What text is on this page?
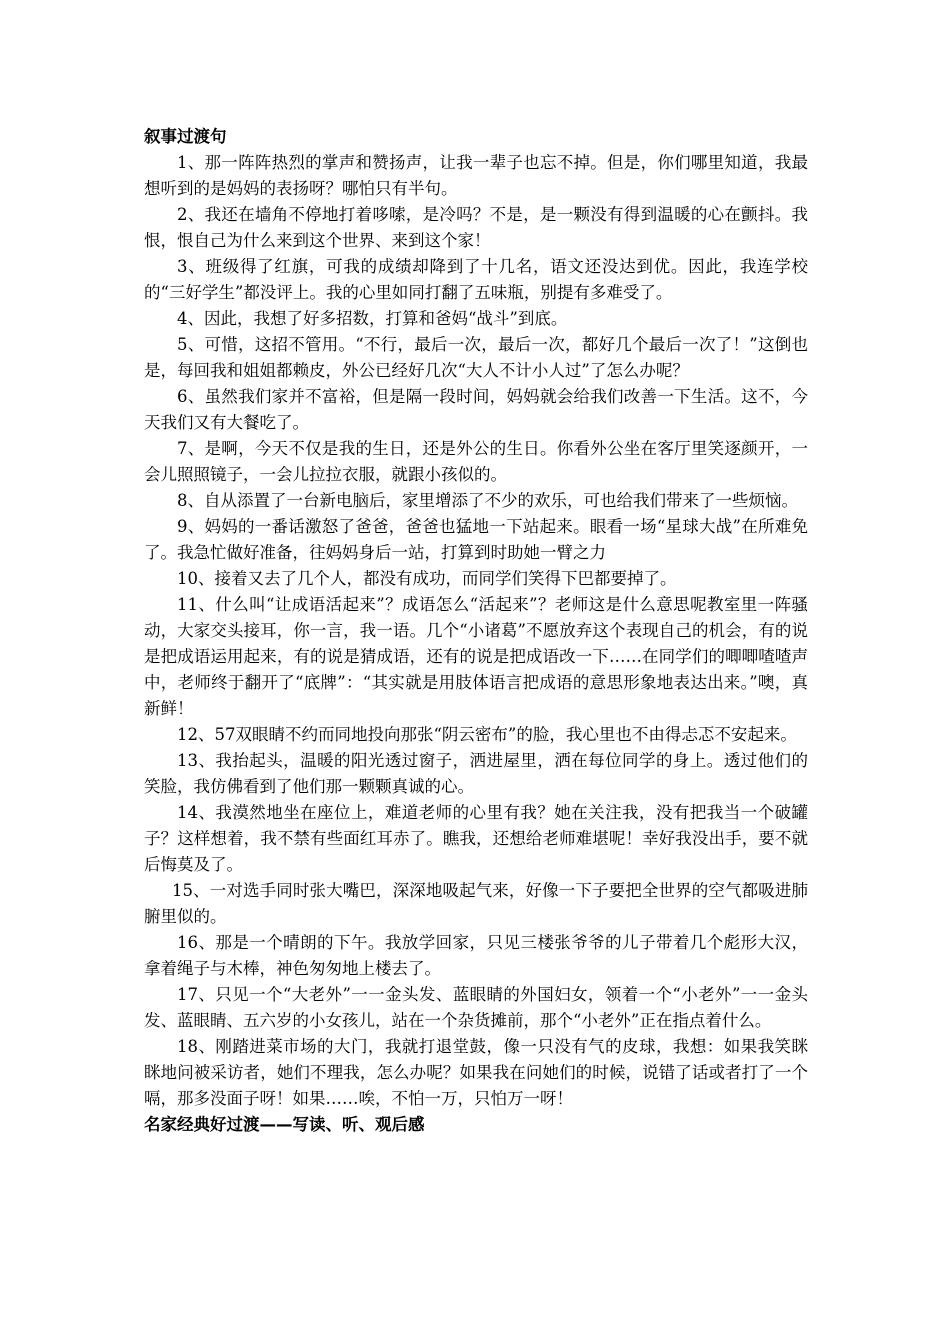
叙事过渡句

1、那一阵阵热烈的掌声和赞扬声，让我一辈子也忘不掉。但是，你们哪里知道，我最想听到的是妈妈的表扬呀？哪怕只有半句。

2、我还在墙角不停地打着哆嗦，是冷吗？不是，是一颗没有得到温暖的心在颤抖。我恨，恨自己为什么来到这个世界、来到这个家！

3、班级得了红旗，可我的成绩却降到了十几名，语文还没达到优。因此，我连学校的“三好学生”都没评上。我的心里如同打翻了五味瓶，别提有多难受了。

4、因此，我想了好多招数，打算和爸妈“战斗”到底。

5、可惜，这招不管用。“不行，最后一次，最后一次，都好几个最后一次了！”这倒也是，每回我和姐姐都赖皮，外公已经好几次“大人不计小人过”了怎么办呢？

6、虽然我们家并不富裕，但是隔一段时间，妈妈就会给我们改善一下生活。这不，今天我们又有大餐吃了。

7、是啊，今天不仅是我的生日，还是外公的生日。你看外公坐在客厅里笑逐颜开，一会儿照照镜子，一会儿拉拉衣服，就跟小孩似的。

8、自从添置了一台新电脑后，家里增添了不少的欢乐，可也给我们带来了一些烦恼。

9、妈妈的一番话激怒了爸爸，爸爸也猛地一下站起来。眼看一场“星球大战”在所难免了。我急忙做好准备，往妈妈身后一站，打算到时助她一臂之力

10、接着又去了几个人，都没有成功，而同学们笑得下巴都要掉了。

11、什么叫“让成语活起来”？成语怎么“活起来”？老师这是什么意思呢教室里一阵骚动，大家交头接耳，你一言，我一语。几个“小诸葛”不愿放弃这个表现自己的机会，有的说是把成语运用起来，有的说是猜成语，还有的说是把成语改一下……在同学们的唧唧喳喳声中，老师终于翻开了“底牌”：“其实就是用肢体语言把成语的意思形象地表达出来。”噢，真新鲜！

12、57双眼睛不约而同地投向那张“阴云密布”的脸，我心里也不由得忐忑不安起来。

13、我抬起头，温暖的阳光透过窗子，洒进屋里，洒在每位同学的身上。透过他们的笑脸，我仿佛看到了他们那一颗颗真诚的心。

14、我漠然地坐在座位上，难道老师的心里有我？她在关注我，没有把我当一个破罐子？这样想着，我不禁有些面红耳赤了。瞧我，还想给老师难堪呢！幸好我没出手，要不就后悔莫及了。

15、一对选手同时张大嘴巴，深深地吸起气来，好像一下子要把全世界的空气都吸进肺腑里似的。

16、那是一个晴朗的下午。我放学回家，只见三楼张爷爷的儿子带着几个彪形大汉，拿着绳子与木棒，神色匆匆地上楼去了。

17、只见一个“大老外”一一金头发、蓝眼睛的外国妇女，领着一个“小老外”一一金头发、蓝眼睛、五六岁的小女孩儿，站在一个杂货摊前，那个“小老外”正在指点着什么。

18、刚踏进菜市场的大门，我就打退堂鼓，像一只没有气的皮球，我想：如果我笑眯眯地问被采访者，她们不理我，怎么办呢？如果我在问她们的时候，说错了话或者打了一个嗝，那多没面子呀！如果……唉，不怕一万，只怕万一呀！

名家经典好过渡——写读、听、观后感
